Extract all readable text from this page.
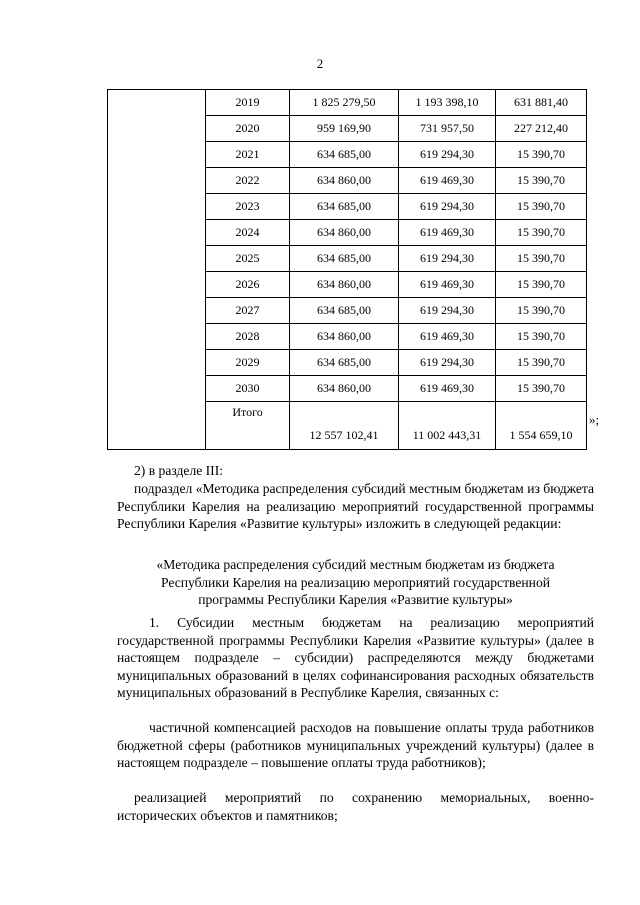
2
	2019	1 825 279,50	1 193 398,10	631 881,40
	2020	959 169,90	731 957,50	227 212,40
	2021	634 685,00	619 294,30	15 390,70
	2022	634 860,00	619 469,30	15 390,70
	2023	634 685,00	619 294,30	15 390,70
	2024	634 860,00	619 469,30	15 390,70
	2025	634 685,00	619 294,30	15 390,70
	2026	634 860,00	619 469,30	15 390,70
	2027	634 685,00	619 294,30	15 390,70
	2028	634 860,00	619 469,30	15 390,70
	2029	634 685,00	619 294,30	15 390,70
	2030	634 860,00	619 469,30	15 390,70
	Итого	12 557 102,41	11 002 443,31	1 554 659,10
»;
2) в разделе III:
подраздел «Методика распределения субсидий местным бюджетам из бюджета Республики Карелия на реализацию мероприятий государственной программы Республики Карелия «Развитие культуры» изложить в следующей редакции:
«Методика распределения субсидий местным бюджетам из бюджета
Республики Карелия на реализацию мероприятий государственной
программы Республики Карелия «Развитие культуры»
1. Субсидии местным бюджетам на реализацию мероприятий государственной программы Республики Карелия «Развитие культуры» (далее в настоящем подразделе – субсидии) распределяются между бюджетами муниципальных образований в целях софинансирования расходных обязательств муниципальных образований в Республике Карелия, связанных с:
частичной компенсацией расходов на повышение оплаты труда работников бюджетной сферы (работников муниципальных учреждений культуры) (далее в настоящем подразделе – повышение оплаты труда работников);
реализацией мероприятий по сохранению мемориальных, военно-исторических объектов и памятников;
